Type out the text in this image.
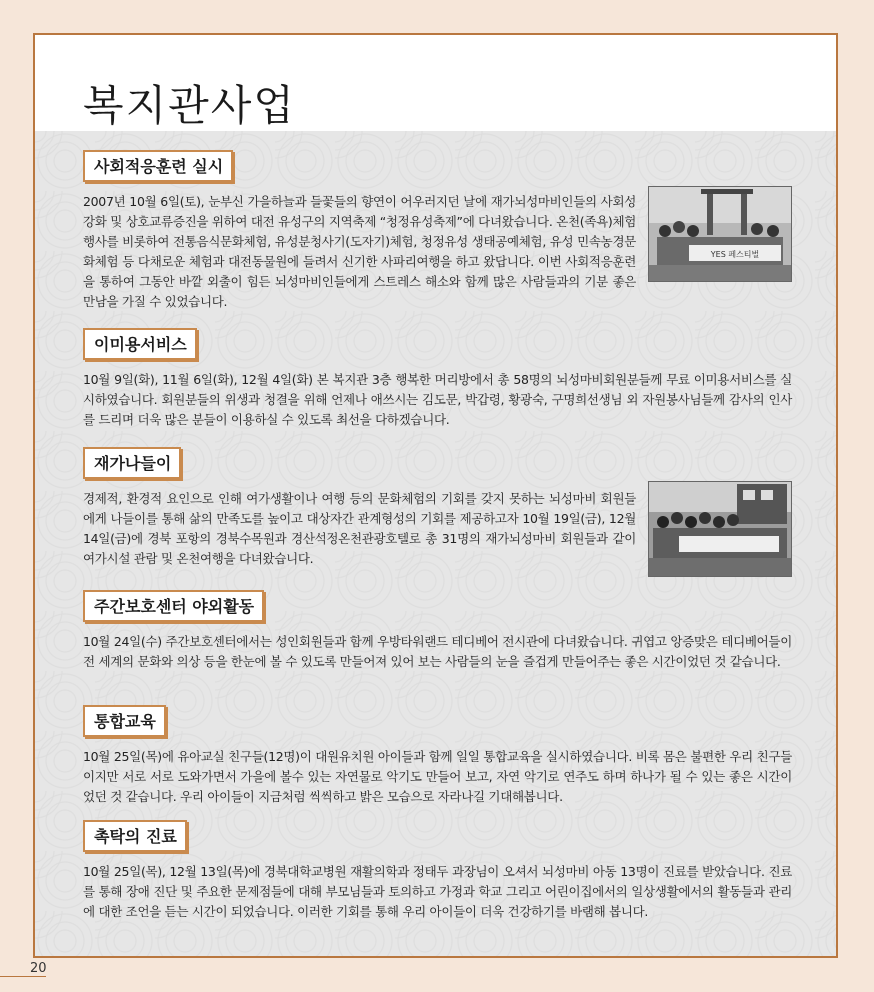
복지관사업
사회적응훈련 실시

2007년 10월 6일(토), 눈부신 가을하늘과 들꽃들의 향연이 어우러지던 날에 재가뇌성마비인들의 사회성 강화 및 상호교류증진을 위하여 대전 유성구의 지역축제 “청정유성축제”에 다녀왔습니다. 온천(족욕)체험행사를 비롯하여 전통음식문화체험, 유성분청사기(도자기)체험, 청정유성 생태공예체험, 유성 민속농경문화체험 등 다채로운 체험과 대전동물원에 들려서 신기한 사파리여행을 하고 왔답니다. 이번 사회적응훈련을 통하여 그동안 바깥 외출이 힘든 뇌성마비인들에게 스트레스 해소와 함께 많은 사람들과의 기분 좋은 만남을 가질 수 있었습니다.

YES 페스티벌
이미용서비스

10월 9일(화), 11월 6일(화), 12월 4일(화) 본 복지관 3층 행복한 머리방에서 총 58명의 뇌성마비회원분들께 무료 이미용서비스를 실시하였습니다. 회원분들의 위생과 청결을 위해 언제나 애쓰시는 김도문, 박갑령, 황광숙, 구명희선생님 외 자원봉사님들께 감사의 인사를 드리며 더욱 많은 분들이 이용하실 수 있도록 최선을 다하겠습니다.

재가나들이

경제적, 환경적 요인으로 인해 여가생활이나 여행 등의 문화체험의 기회를 갖지 못하는 뇌성마비 회원들에게 나들이를 통해 삶의 만족도를 높이고 대상자간 관계형성의 기회를 제공하고자 10월 19일(금), 12월 14일(금)에 경북 포항의 경북수목원과 경산석정온천관광호텔로 총 31명의 재가뇌성마비 회원들과 같이 여가시설 관람 및 온천여행을 다녀왔습니다.

주간보호센터 야외활동

10월 24일(수) 주간보호센터에서는 성인회원들과 함께 우방타워랜드 테디베어 전시관에 다녀왔습니다. 귀엽고 앙증맞은 테디베어들이 전 세계의 문화와 의상 등을 한눈에 볼 수 있도록 만들어져 있어 보는 사람들의 눈을 즐겁게 만들어주는 좋은 시간이었던 것 같습니다.

통합교육

10월 25일(목)에 유아교실 친구들(12명)이 대원유치원 아이들과 함께 일일 통합교육을 실시하였습니다. 비록 몸은 불편한 우리 친구들이지만 서로 서로 도와가면서 가을에 볼수 있는 자연물로 악기도 만들어 보고, 자연 악기로 연주도 하며 하나가 될 수 있는 좋은 시간이었던 것 같습니다. 우리 아이들이 지금처럼 씩씩하고 밝은 모습으로 자라나길 기대해봅니다.

촉탁의 진료

10월 25일(목), 12월 13일(목)에 경북대학교병원 재활의학과 정태두 과장님이 오셔서 뇌성마비 아동 13명이 진료를 받았습니다. 진료를 통해 장애 진단 및 주요한 문제점들에 대해 부모님들과 토의하고 가정과 학교 그리고 어린이집에서의 일상생활에서의 활동들과 관리에 대한 조언을 듣는 시간이 되었습니다. 이러한 기회를 통해 우리 아이들이 더욱 건강하기를 바램해 봅니다.

20
